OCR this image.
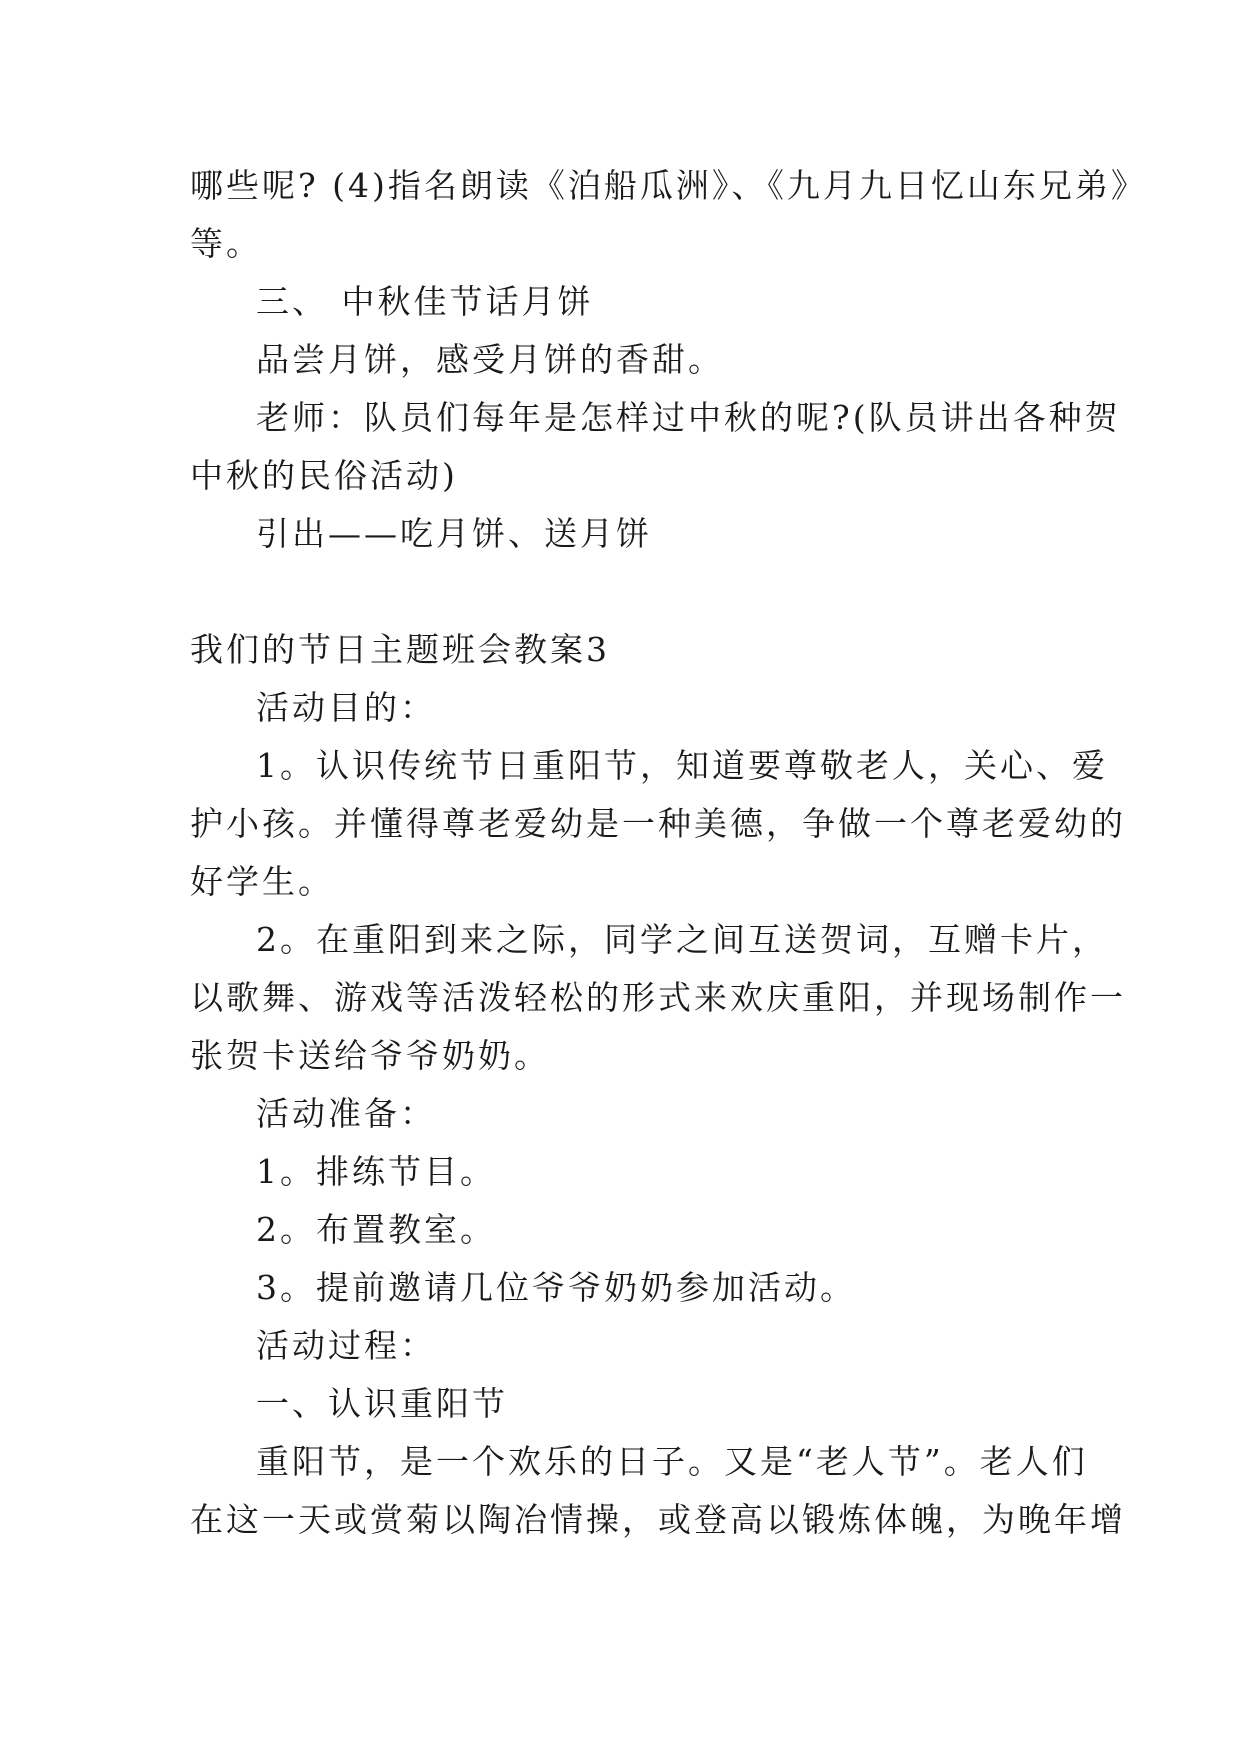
哪些呢? (4)指名朗读《泊船瓜洲》、《九月九日忆山东兄弟》
等。
三、 中秋佳节话月饼
品尝月饼，感受月饼的香甜。
老师：队员们每年是怎样过中秋的呢?(队员讲出各种贺
中秋的民俗活动)
引出——吃月饼、送月饼
我们的节日主题班会教案3
活动目的：
1。认识传统节日重阳节，知道要尊敬老人，关心、爱
护小孩。并懂得尊老爱幼是一种美德，争做一个尊老爱幼的
好学生。
2。在重阳到来之际，同学之间互送贺词，互赠卡片，
以歌舞、游戏等活泼轻松的形式来欢庆重阳，并现场制作一
张贺卡送给爷爷奶奶。
活动准备：
1。排练节目。
2。布置教室。
3。提前邀请几位爷爷奶奶参加活动。
活动过程：
一、认识重阳节
重阳节，是一个欢乐的日子。又是“老人节”。老人们
在这一天或赏菊以陶冶情操，或登高以锻炼体魄，为晚年增
